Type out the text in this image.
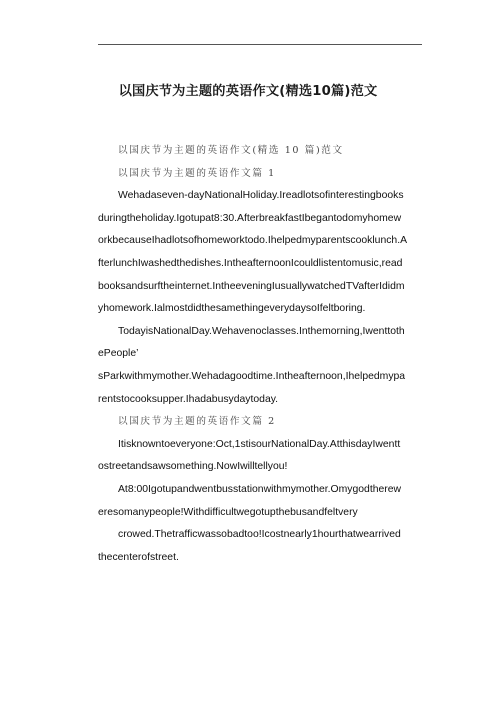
以国庆节为主题的英语作文(精选10篇)范文
以国庆节为主题的英语作文(精选 10 篇)范文
以国庆节为主题的英语作文篇 1
Wehadaseven-dayNationalHoliday.Ireadlotsofinterestingbooks
duringtheholiday.Igotupat8:30.AfterbreakfastIbegantodomyhomew
orkbecauseIhadlotsofhomeworktodo.Ihelpedmyparentscooklunch.A
fterlunchIwashedthedishes.IntheafternoonIcouldlistentomusic,read
booksandsurftheinternet.IntheeveningIusuallywatchedTVafterIdidm
yhomework.IalmostdidthesamethingeverydaysoIfeltboring.
TodayisNationalDay.Wehavenoclasses.Inthemorning,Iwenttoth
ePeople’
sParkwithmymother.Wehadagoodtime.Intheafternoon,Ihelpedmypa
rentstocooksupper.Ihadabusydaytoday.
以国庆节为主题的英语作文篇 2
Itisknowntoeveryone:Oct,1stisourNationalDay.AtthisdayIwentt
ostreetandsawsomething.NowIwilltellyou!
At8:00Igotupandwentbusstationwithmymother.Omygodtherew
eresomanypeople!Withdifficultwegotupthebusandfeltvery
crowed.Thetrafficwassobadtoo!Icostnearly1hourthatwearrived
thecenterofstreet.
